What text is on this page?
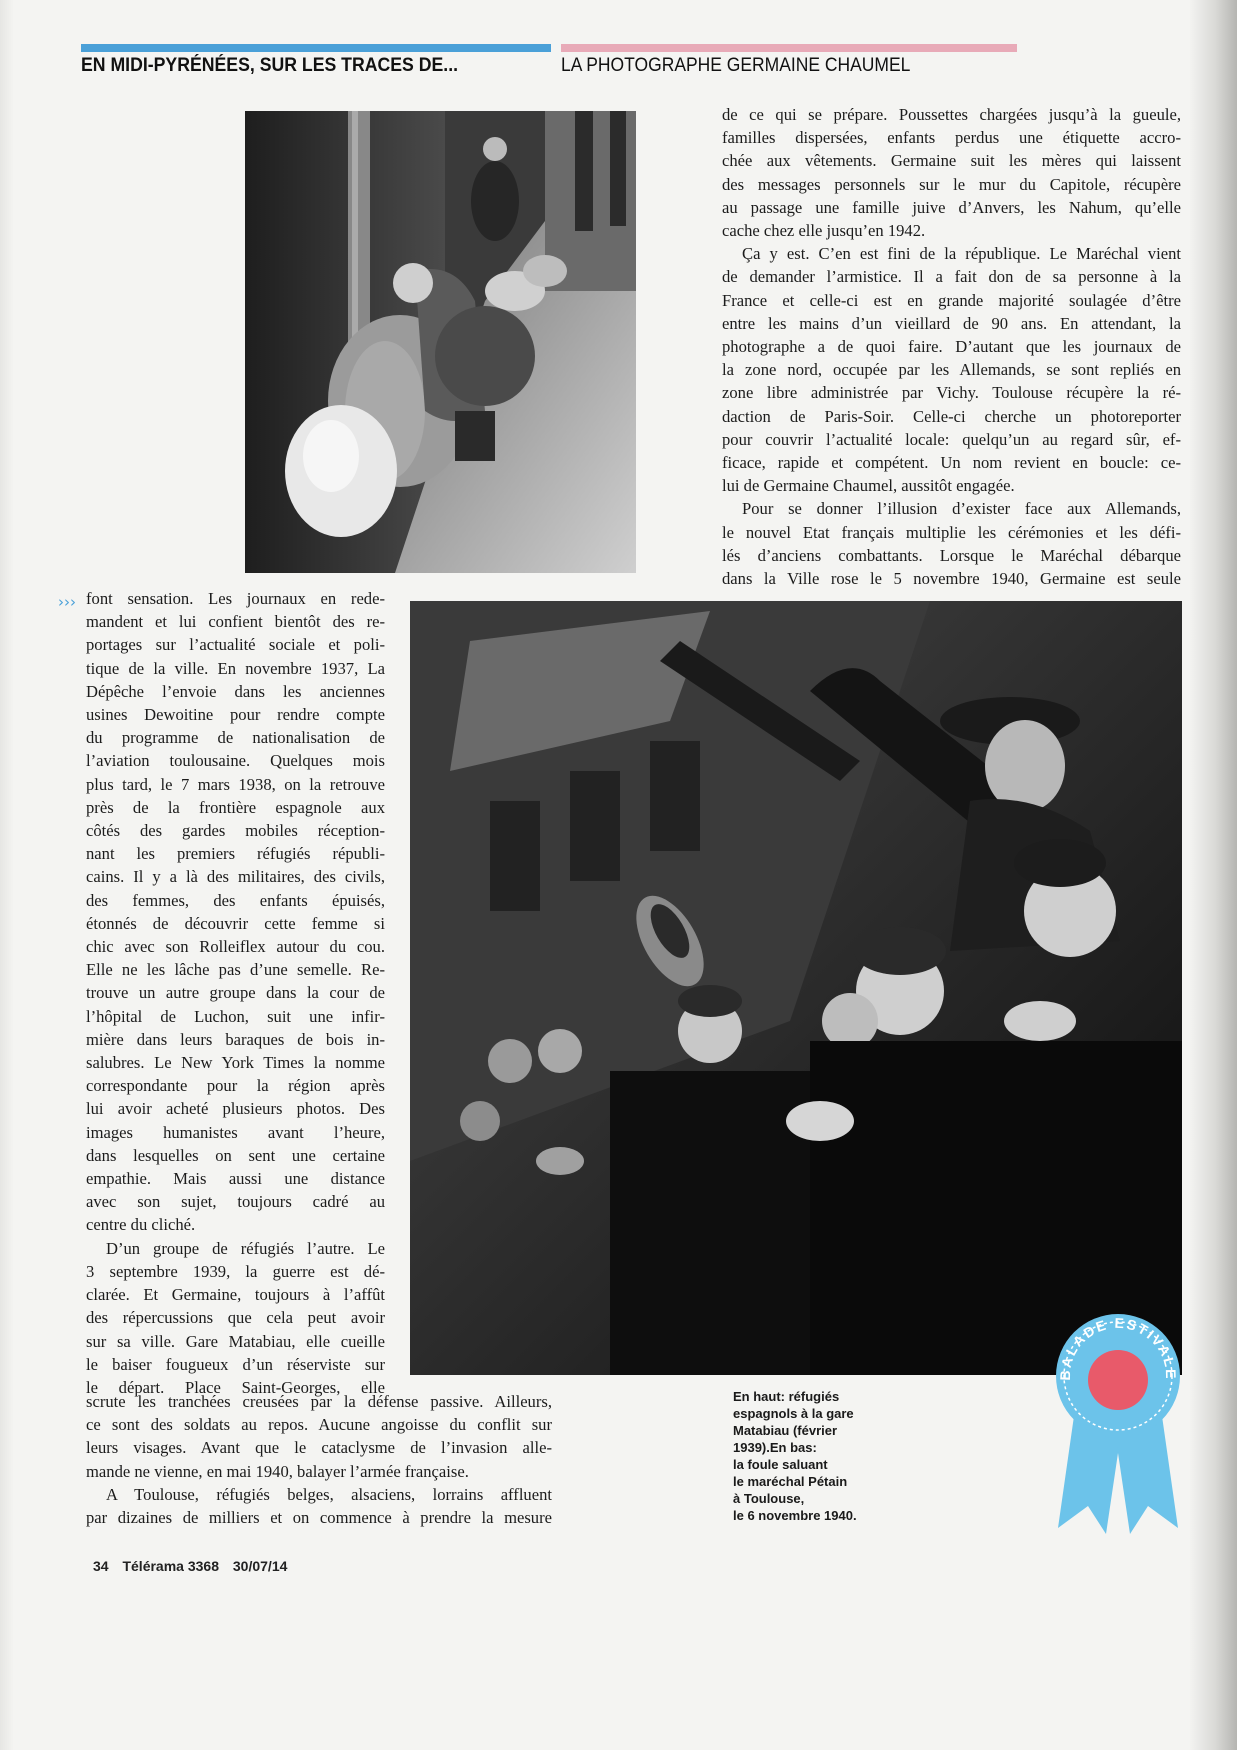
EN MIDI-PYRÉNÉES, SUR LES TRACES DE...	LA PHOTOGRAPHE GERMAINE CHAUMEL
de ce qui se prépare. Poussettes chargées jusqu’à la gueule,
familles dispersées, enfants perdus une étiquette accro-
chée aux vêtements. Germaine suit les mères qui laissent
des messages personnels sur le mur du Capitole, récupère
au passage une famille juive d’Anvers, les Nahum, qu’elle
cache chez elle jusqu’en 1942.
Ça y est. C’en est fini de la république. Le Maréchal vient
de demander l’armistice. Il a fait don de sa personne à la
France et celle-ci est en grande majorité soulagée d’être
entre les mains d’un vieillard de 90 ans. En attendant, la
photographe a de quoi faire. D’autant que les journaux de
la zone nord, occupée par les Allemands, se sont repliés en
zone libre administrée par Vichy. Toulouse récupère la ré-
daction de Paris-Soir. Celle-ci cherche un photoreporter
pour couvrir l’actualité locale: quelqu’un au regard sûr, ef-
ficace, rapide et compétent. Un nom revient en boucle: ce-
lui de Germaine Chaumel, aussitôt engagée.
Pour se donner l’illusion d’exister face aux Allemands,
le nouvel Etat français multiplie les cérémonies et les défi-
lés d’anciens combattants. Lorsque le Maréchal débarque
dans la Ville rose le 5 novembre 1940, Germaine est seule
››› font sensation. Les journaux en rede-
mandent et lui confient bientôt des re-
portages sur l’actualité sociale et poli-
tique de la ville. En novembre 1937, La
Dépêche l’envoie dans les anciennes
usines Dewoitine pour rendre compte
du programme de nationalisation de
l’aviation toulousaine. Quelques mois
plus tard, le 7 mars 1938, on la retrouve
près de la frontière espagnole aux
côtés des gardes mobiles réception-
nant les premiers réfugiés républi-
cains. Il y a là des militaires, des civils,
des femmes, des enfants épuisés,
étonnés de découvrir cette femme si
chic avec son Rolleiflex autour du cou.
Elle ne les lâche pas d’une semelle. Re-
trouve un autre groupe dans la cour de
l’hôpital de Luchon, suit une infir-
mière dans leurs baraques de bois in-
salubres. Le New York Times la nomme
correspondante pour la région après
lui avoir acheté plusieurs photos. Des
images humanistes avant l’heure,
dans lesquelles on sent une certaine
empathie. Mais aussi une distance
avec son sujet, toujours cadré au
centre du cliché.
D’un groupe de réfugiés l’autre. Le
3 septembre 1939, la guerre est dé-
clarée. Et Germaine, toujours à l’affût
des répercussions que cela peut avoir
sur sa ville. Gare Matabiau, elle cueille
le baiser fougueux d’un réserviste sur
le départ. Place Saint-Georges, elle
scrute les tranchées creusées par la défense passive. Ailleurs,
ce sont des soldats au repos. Aucune angoisse du conflit sur
leurs visages. Avant que le cataclysme de l’invasion alle-
mande ne vienne, en mai 1940, balayer l’armée française.
A Toulouse, réfugiés belges, alsaciens, lorrains affluent
par dizaines de milliers et on commence à prendre la mesure
En haut: réfugiés
espagnols à la gare
Matabiau (février
1939).En bas:
la foule saluant
le maréchal Pétain
à Toulouse,
le 6 novembre 1940.
BALADE ESTIVALE
34 Télérama 3368 30/07/14
